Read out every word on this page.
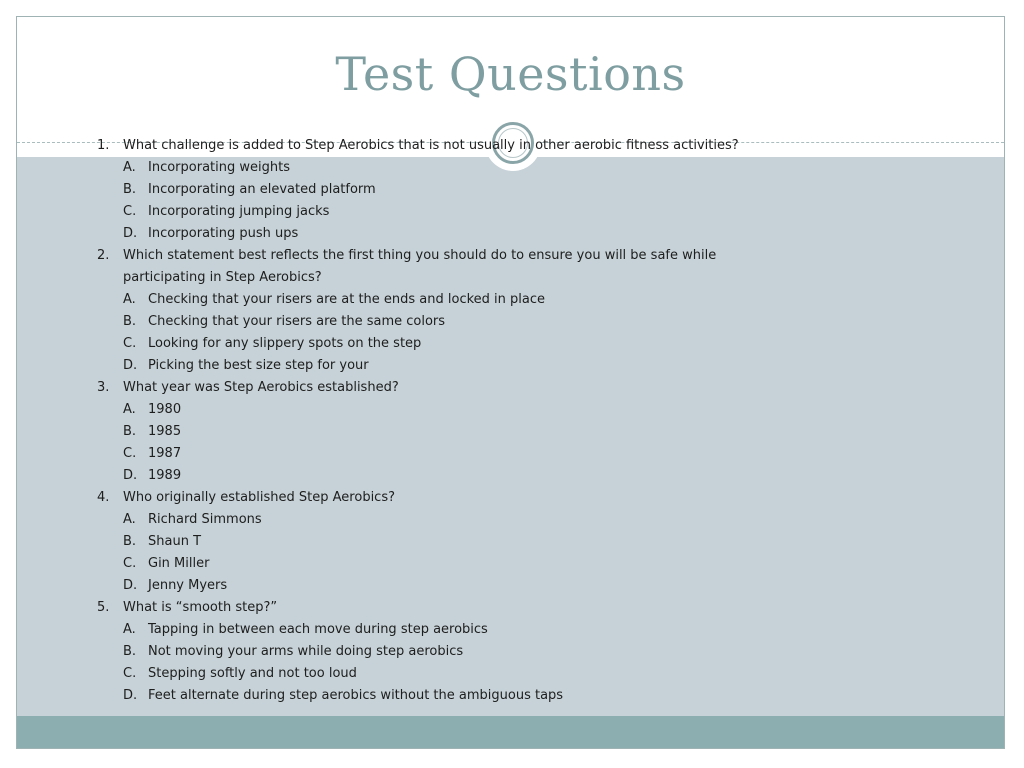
Test Questions
1. What challenge is added to Step Aerobics that is not usually in other aerobic fitness activities?
A. Incorporating weights
B. Incorporating an elevated platform
C. Incorporating jumping jacks
D. Incorporating push ups
2. Which statement best reflects the first thing you should do to ensure you will be safe while
participating in Step Aerobics?
A. Checking that your risers are at the ends and locked in place
B. Checking that your risers are the same colors
C. Looking for any slippery spots on the step
D. Picking the best size step for your
3. What year was Step Aerobics established?
A. 1980
B. 1985
C. 1987
D. 1989
4. Who originally established Step Aerobics?
A. Richard Simmons
B. Shaun T
C. Gin Miller
D. Jenny Myers
5. What is “smooth step?”
A. Tapping in between each move during step aerobics
B. Not moving your arms while doing step aerobics
C. Stepping softly and not too loud
D. Feet alternate during step aerobics without the ambiguous taps
